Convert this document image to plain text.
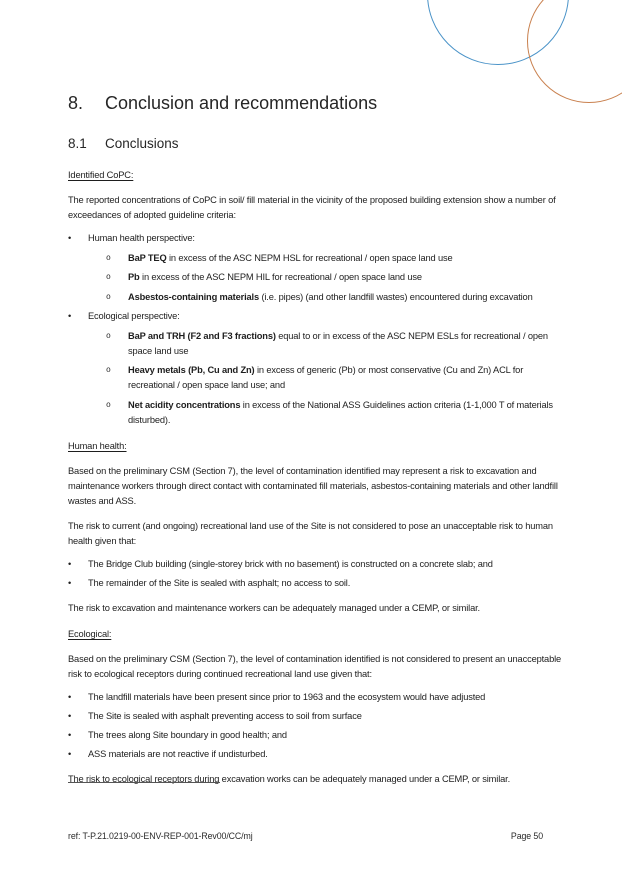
8.	Conclusion and recommendations
8.1	Conclusions
Identified CoPC:

The reported concentrations of CoPC in soil/ fill material in the vicinity of the proposed building extension show a number of exceedances of adopted guideline criteria:

•	Human health perspective:
o	BaP TEQ in excess of the ASC NEPM HSL for recreational / open space land use
o	Pb in excess of the ASC NEPM HIL for recreational / open space land use
o	Asbestos-containing materials (i.e. pipes) (and other landfill wastes) encountered during excavation
•	Ecological perspective:
o	BaP and TRH (F2 and F3 fractions) equal to or in excess of the ASC NEPM ESLs for recreational / open space land use
o	Heavy metals (Pb, Cu and Zn) in excess of generic (Pb) or most conservative (Cu and Zn) ACL for recreational / open space land use; and
o	Net acidity concentrations in excess of the National ASS Guidelines action criteria (1-1,000 T of materials disturbed).
Human health:

Based on the preliminary CSM (Section 7), the level of contamination identified may represent a risk to excavation and maintenance workers through direct contact with contaminated fill materials, asbestos-containing materials and other landfill wastes and ASS.

The risk to current (and ongoing) recreational land use of the Site is not considered to pose an unacceptable risk to human health given that:

•	The Bridge Club building (single-storey brick with no basement) is constructed on a concrete slab; and
•	The remainder of the Site is sealed with asphalt; no access to soil.

The risk to excavation and maintenance workers can be adequately managed under a CEMP, or similar.

Ecological:

Based on the preliminary CSM (Section 7), the level of contamination identified is not considered to present an unacceptable risk to ecological receptors during continued recreational land use given that:

•	The landfill materials have been present since prior to 1963 and the ecosystem would have adjusted
•	The Site is sealed with asphalt preventing access to soil from surface
•	The trees along Site boundary in good health; and
•	ASS materials are not reactive if undisturbed.

The risk to ecological receptors during excavation works can be adequately managed under a CEMP, or similar.

ref: T-P.21.0219-00-ENV-REP-001-Rev00/CC/mj	Page 50
